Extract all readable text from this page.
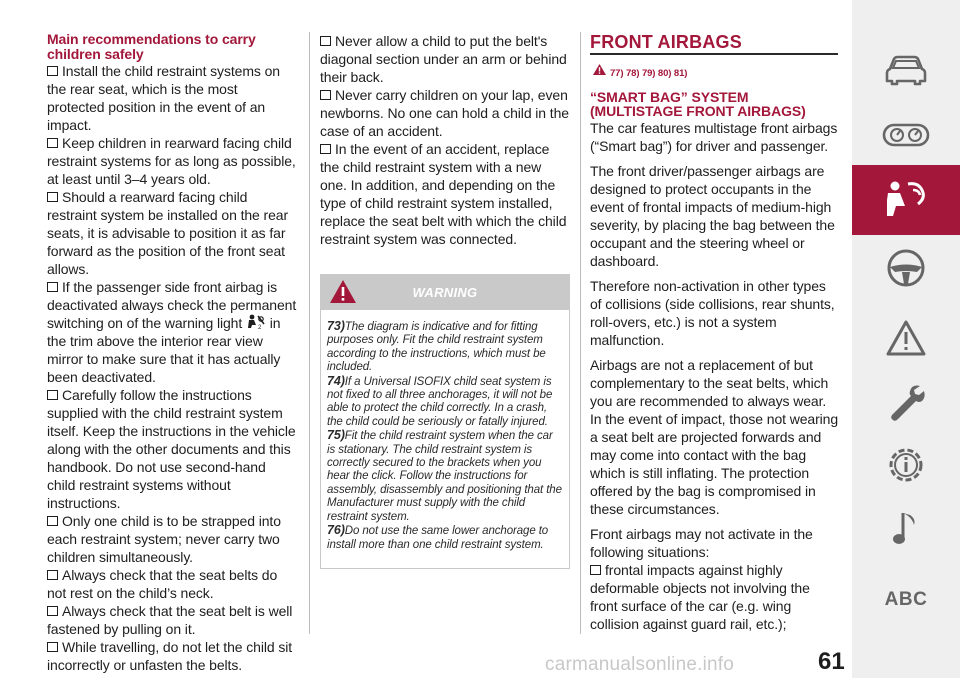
Main recommendations to carry children safely

Install the child restraint systems on the rear seat, which is the most protected position in the event of an impact.

Keep children in rearward facing child restraint systems for as long as possible, at least until 3–4 years old.

Should a rearward facing child restraint system be installed on the rear seats, it is advisable to position it as far forward as the position of the front seat allows.

If the passenger side front airbag is deactivated always check the permanent switching on of the warning light	2 in the trim above the interior rear view mirror to make sure that it has actually been deactivated.

Carefully follow the instructions supplied with the child restraint system itself. Keep the instructions in the vehicle along with the other documents and this handbook. Do not use second-hand child restraint systems without instructions.

Only one child is to be strapped into each restraint system; never carry two children simultaneously.

Always check that the seat belts do not rest on the child’s neck.

Always check that the seat belt is well fastened by pulling on it.

While travelling, do not let the child sit incorrectly or unfasten the belts.

Never allow a child to put the belt's diagonal section under an arm or behind their back.

Never carry children on your lap, even newborns. No one can hold a child in the case of an accident.

In the event of an accident, replace the child restraint system with a new one. In addition, and depending on the type of child restraint system installed, replace the seat belt with which the child restraint system was connected.

WARNING

73)The diagram is indicative and for fitting purposes only. Fit the child restraint system according to the instructions, which must be included.

74)If a Universal ISOFIX child seat system is not fixed to all three anchorages, it will not be able to protect the child correctly. In a crash, the child could be seriously or fatally injured.

75)Fit the child restraint system when the car is stationary. The child restraint system is correctly secured to the brackets when you hear the click. Follow the instructions for assembly, disassembly and positioning that the Manufacturer must supply with the child restraint system.

76)Do not use the same lower anchorage to install more than one child restraint system.

FRONT AIRBAGS
77) 78) 79) 80) 81)
“SMART BAG” SYSTEM (MULTISTAGE FRONT AIRBAGS)

The car features multistage front airbags (“Smart bag”) for driver and passenger.

The front driver/passenger airbags are designed to protect occupants in the event of frontal impacts of medium-high severity, by placing the bag between the occupant and the steering wheel or dashboard.

Therefore non-activation in other types of collisions (side collisions, rear shunts, roll-overs, etc.) is not a system malfunction.

Airbags are not a replacement of but complementary to the seat belts, which you are recommended to always wear. In the event of impact, those not wearing a seat belt are projected forwards and may come into contact with the bag which is still inflating. The protection offered by the bag is compromised in these circumstances.

Front airbags may not activate in the following situations:

frontal impacts against highly deformable objects not involving the front surface of the car (e.g. wing collision against guard rail, etc.);

ABC
61
carmanualsonline.info
